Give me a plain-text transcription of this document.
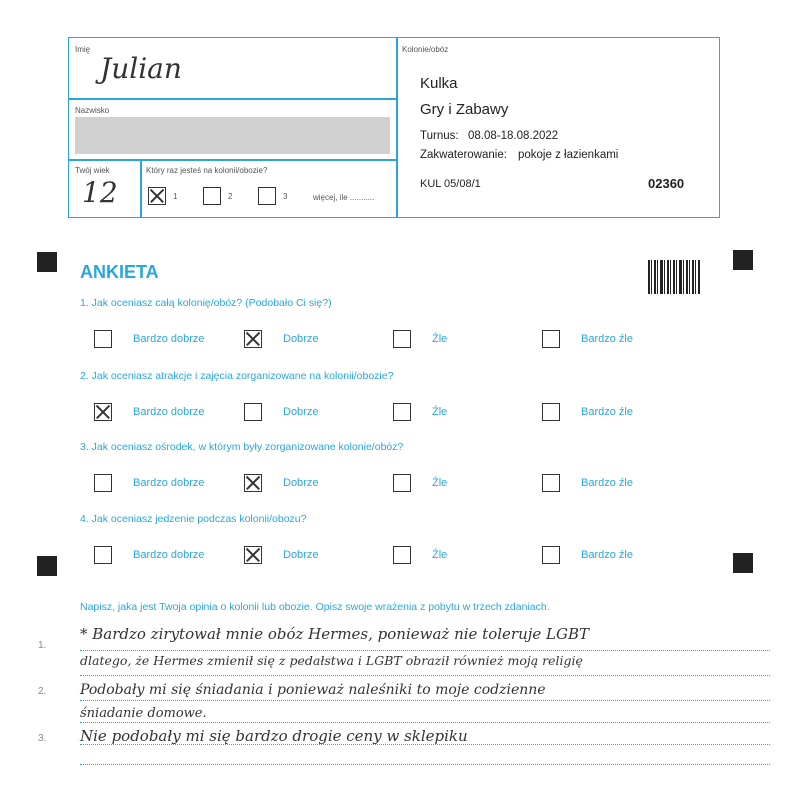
Imię
Julian
Nazwisko
Twój wiek
12
Który raz jesteś na kolonii/obozie?
1	2	3	więcej, ile ...........
Kolonie/obóz
Kulka
Gry i Zabawy
Turnus: 08.08-18.08.2022
Zakwaterowanie: pokoje z łazienkami
KUL 05/08/1	02360
ANKIETA
1. Jak oceniasz całą kolonię/obóz? (Podobało Ci się?)
Bardzo dobrze	Dobrze	Źle	Bardzo źle
2. Jak oceniasz atrakcje i zajęcia zorganizowane na kolonii/obozie?
Bardzo dobrze	Dobrze	Źle	Bardzo źle
3. Jak oceniasz ośrodek, w którym były zorganizowane kolonie/obóz?
Bardzo dobrze	Dobrze	Źle	Bardzo źle
4. Jak oceniasz jedzenie podczas kolonii/obozu?
Bardzo dobrze	Dobrze	Źle	Bardzo źle
Napisz, jaka jest Twoja opinia o kolonii lub obozie. Opisz swoje wrażenia z pobytu w trzech zdaniach.
1.
2.
3.
* Bardzo zirytował mnie obóz Hermes, ponieważ nie toleruje LGBT
dlatego, że Hermes zmienił się z pedałstwa i LGBT obraził również moją religię
Podobały mi się śniadania i ponieważ naleśniki to moje codzienne
śniadanie domowe.
Nie podobały mi się bardzo drogie ceny w sklepiku
